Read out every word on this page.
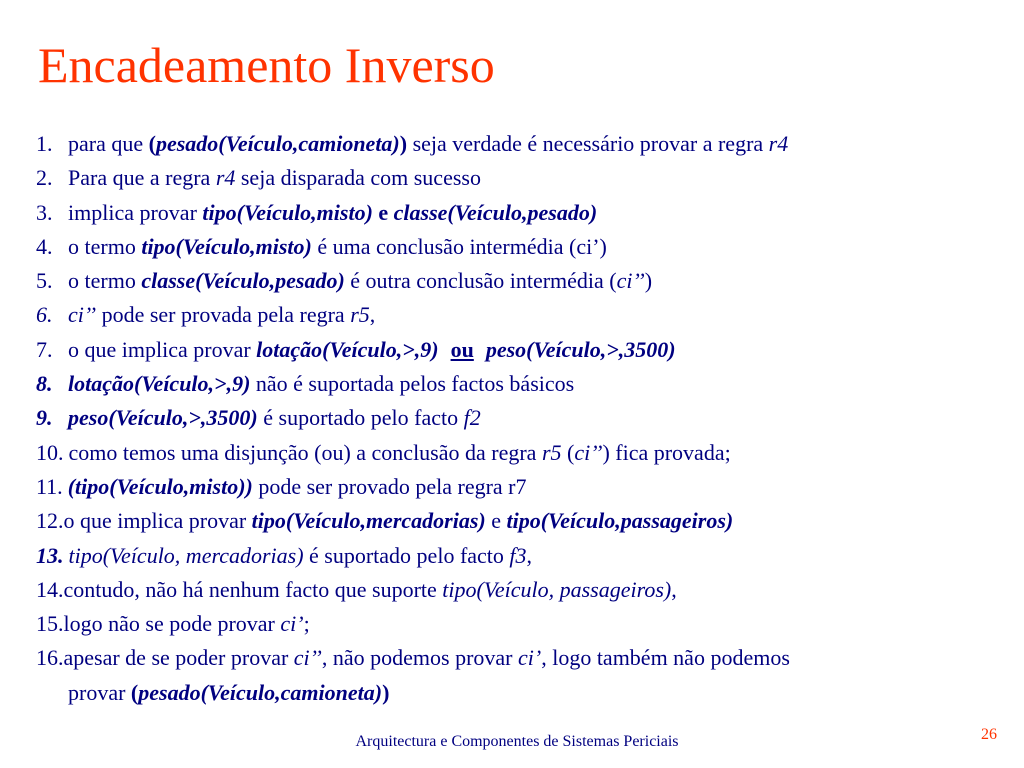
Encadeamento Inverso
1. para que (pesado(Veículo,camioneta)) seja verdade é necessário provar a regra r4
2. Para que a regra r4 seja disparada com sucesso
3. implica provar tipo(Veículo,misto) e classe(Veículo,pesado)
4. o termo tipo(Veículo,misto) é uma conclusão intermédia (ci’)
5. o termo classe(Veículo,pesado) é outra conclusão intermédia (ci’’)
6. ci’’ pode ser provada pela regra r5,
7. o que implica provar lotação(Veículo,>,9) ou peso(Veículo,>,3500)
8. lotação(Veículo,>,9) não é suportada pelos factos básicos
9. peso(Veículo,>,3500) é suportado pelo facto f2
10. como temos uma disjunção (ou) a conclusão da regra r5 (ci’’) fica provada;
11. (tipo(Veículo,misto)) pode ser provado pela regra r7
12.o que implica provar tipo(Veículo,mercadorias) e tipo(Veículo,passageiros)
13. tipo(Veículo, mercadorias) é suportado pelo facto f3,
14.contudo, não há nenhum facto que suporte tipo(Veículo, passageiros),
15.logo não se pode provar ci’;
16.apesar de se poder provar ci’’, não podemos provar ci’, logo também não podemos
provar (pesado(Veículo,camioneta))
Arquitectura e Componentes de Sistemas Periciais	26
